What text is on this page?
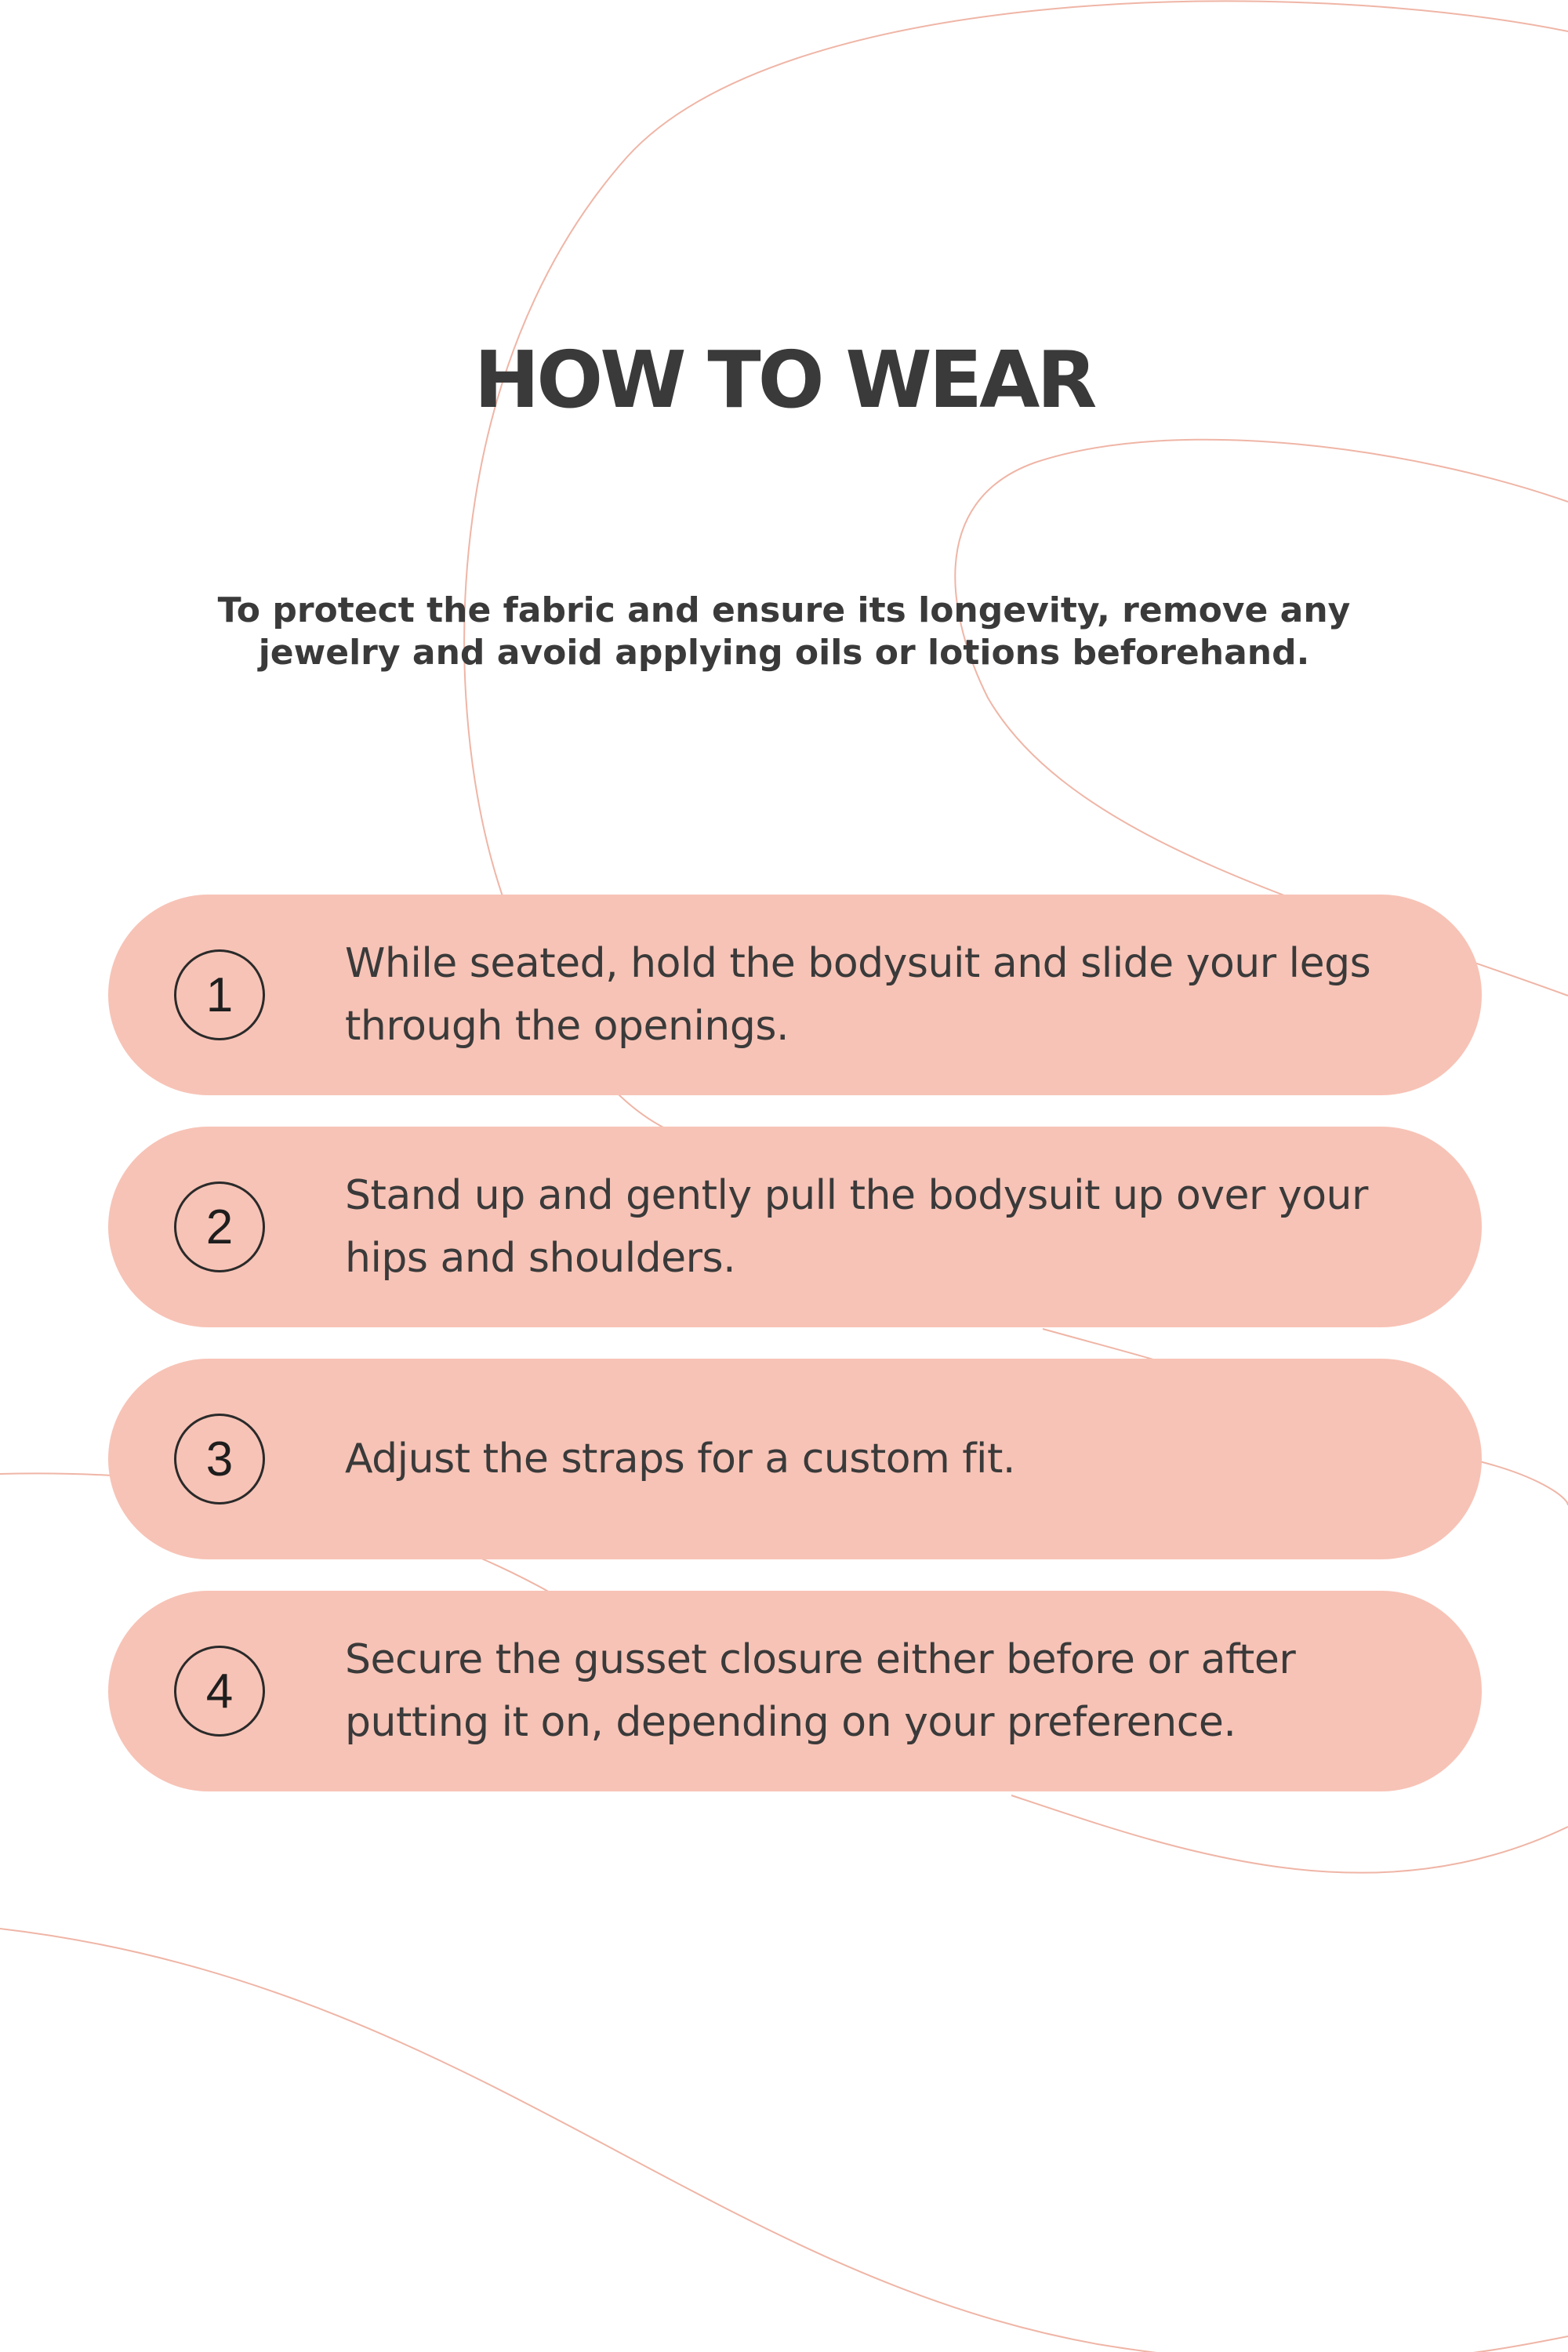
HOW TO WEAR

To protect the fabric and ensure its longevity, remove any jewelry and avoid applying oils or lotions beforehand.

1
While seated, hold the bodysuit and slide your legs through the openings.
2
Stand up and gently pull the bodysuit up over your hips and shoulders.
3	Adjust the straps for a custom fit.
4
Secure the gusset closure either before or after putting it on, depending on your preference.
